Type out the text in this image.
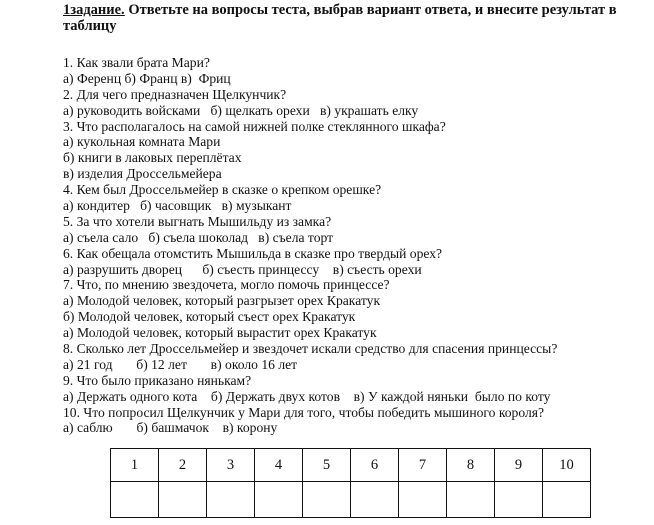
1задание. Ответьте на вопросы теста, выбрав вариант ответа, и внесите результат в таблицу

1. Как звали брата Мари?
а) Ференц б) Франц в)  Фриц
2. Для чего предназначен Щелкунчик?
а) руководить войсками   б) щелкать орехи   в) украшать елку
3. Что располагалось на самой нижней полке стеклянного шкафа?
а) кукольная комната Мари
б) книги в лаковых переплётах
в) изделия Дроссельмейера
4. Кем был Дроссельмейер в сказке о крепком орешке?
а) кондитер   б) часовщик   в) музыкант
5. За что хотели выгнать Мышильду из замка?
а) съела сало   б) съела шоколад   в) съела торт
6. Как обещала отомстить Мышильда в сказке про твердый орех?
а) разрушить дворец      б) съесть принцессу    в) съесть орехи
7. Что, по мнению звездочета, могло помочь принцессе?
а) Молодой человек, который разгрызет орех Кракатук
б) Молодой человек, который съест орех Кракатук
а) Молодой человек, который вырастит орех Кракатук
8. Сколько лет Дроссельмейер и звездочет искали средство для спасения принцессы?
а) 21 год       б) 12 лет       в) около 16 лет
9. Что было приказано нянькам?
а) Держать одного кота    б) Держать двух котов    в) У каждой няньки  было по коту
10. Что попросил Щелкунчик у Мари для того, чтобы победить мышиного короля?
а) саблю       б) башмачок    в) корону
1	2	3	4	5	6	7	8	9	10
